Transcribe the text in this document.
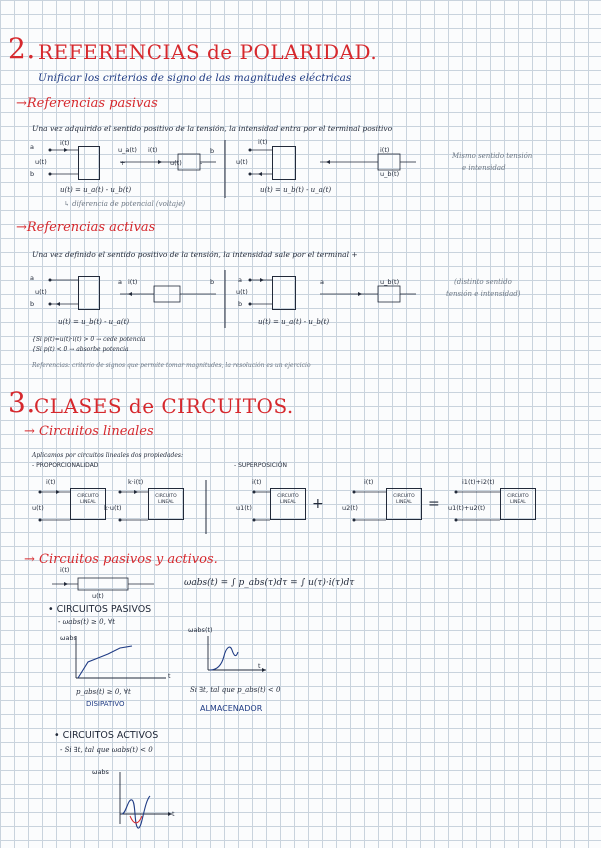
2. REFERENCIAS de POLARIDAD.
Unificar los criterios de signo de las magnitudes eléctricas
→Referencias pasivas
Una vez adquirido el sentido positivo de la tensión, la intensidad entra por el terminal positivo
a	i(t)
u(t)
b
u(t) = u_a(t) - u_b(t)
↳ diferencia de potencial (voltaje)
u_a(t) i(t)	b
+	u(t)	-
i(t)
u(t)
u(t) = u_b(t) - u_a(t)
i(t)
u_b(t)
Mismo sentido tensión
e intensidad
→Referencias activas
Una vez definido el sentido positivo de la tensión, la intensidad sale por el terminal +
a
u(t)
b
u(t) = u_b(t) - u_a(t)
a i(t)	b	a
u(t)
b
u(t) = u_a(t) - u_b(t)
a	u_b(t)	(distinto sentido
tensión e intensidad)
{Si p(t)=u(t)·i(t) > 0 → cede potencia
{Si p(t) < 0 → absorbe potencia
Referencias: criterio de signos que permite tomar magnitudes, la resolución es un ejercicio
3.
CLASES de CIRCUITOS.
→ Circuitos lineales
Aplicamos por circuitos lineales dos propiedades:
- PROPORCIONALIDAD	- SUPERPOSICIÓN
CIRCUITO
LINEAL
i(t)
u(t)
CIRCUITO
LINEAL
k·i(t)
k·u(t)
CIRCUITO
LINEAL
i(t)
u1(t)	+	CIRCUITO
LINEAL
i(t)
u2(t)	=	CIRCUITO
LINEAL
i1(t)+i2(t)
u1(t)+u2(t)
→ Circuitos pasivos y activos.
i(t)
u(t)
ωabs(t) = ∫ p_abs(τ)dτ = ∫ u(τ)·i(τ)dτ
• CIRCUITOS PASIVOS
- ωabs(t) ≥ 0, ∀t
ωabs
t
p_abs(t) ≥ 0, ∀t
DISIPATIVO
ωabs(t)
t
Si ∃t, tal que p_abs(t) < 0
ALMACENADOR
• CIRCUITOS ACTIVOS
- Si ∃t, tal que ωabs(t) < 0
ωabs
t
